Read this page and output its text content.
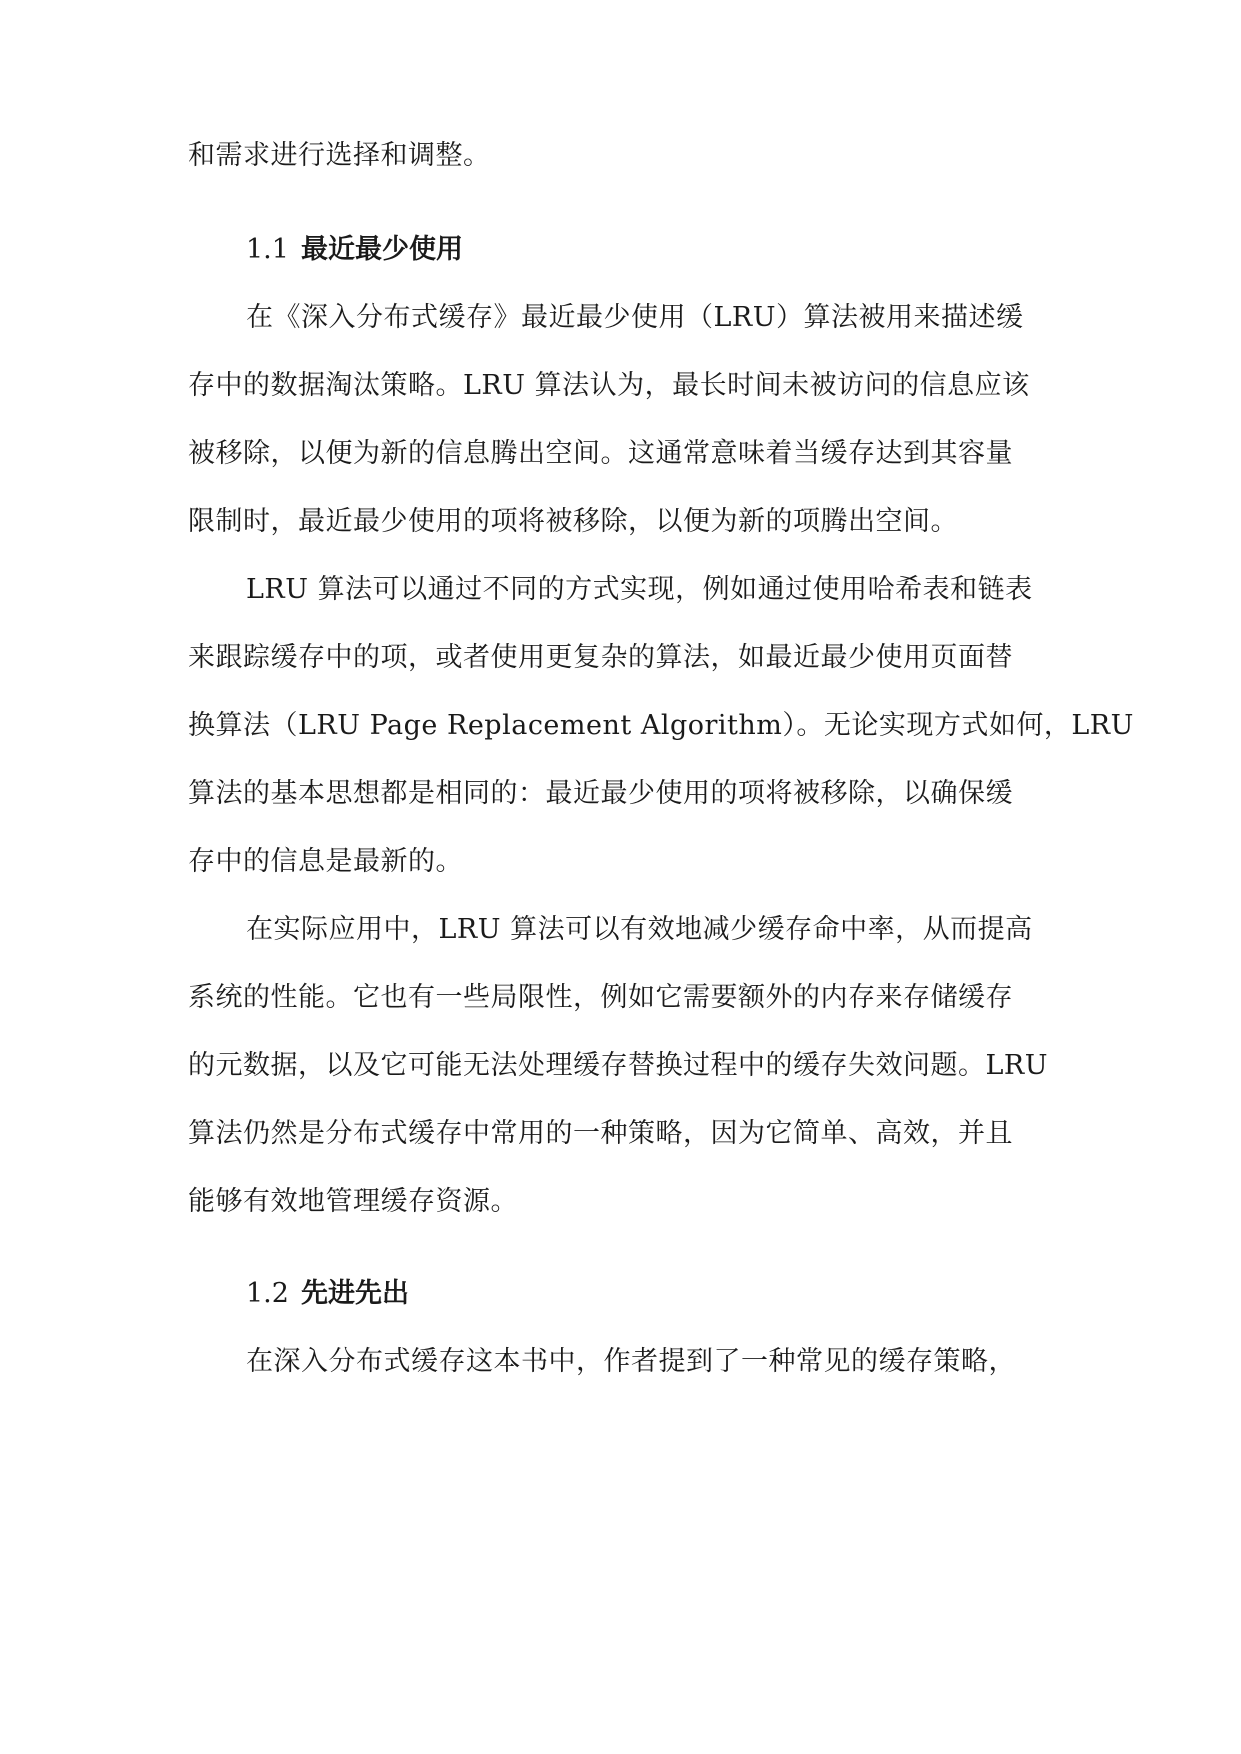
和需求进行选择和调整。
1.1 最近最少使用
在《深入分布式缓存》最近最少使用（LRU）算法被用来描述缓
存中的数据淘汰策略。LRU 算法认为，最长时间未被访问的信息应该
被移除，以便为新的信息腾出空间。这通常意味着当缓存达到其容量
限制时，最近最少使用的项将被移除，以便为新的项腾出空间。
LRU 算法可以通过不同的方式实现，例如通过使用哈希表和链表
来跟踪缓存中的项，或者使用更复杂的算法，如最近最少使用页面替
换算法（LRU Page Replacement Algorithm）。无论实现方式如何，LRU
算法的基本思想都是相同的：最近最少使用的项将被移除，以确保缓
存中的信息是最新的。
在实际应用中，LRU 算法可以有效地减少缓存命中率，从而提高
系统的性能。它也有一些局限性，例如它需要额外的内存来存储缓存
的元数据，以及它可能无法处理缓存替换过程中的缓存失效问题。LRU
算法仍然是分布式缓存中常用的一种策略，因为它简单、高效，并且
能够有效地管理缓存资源。
1.2 先进先出
在深入分布式缓存这本书中，作者提到了一种常见的缓存策略，
